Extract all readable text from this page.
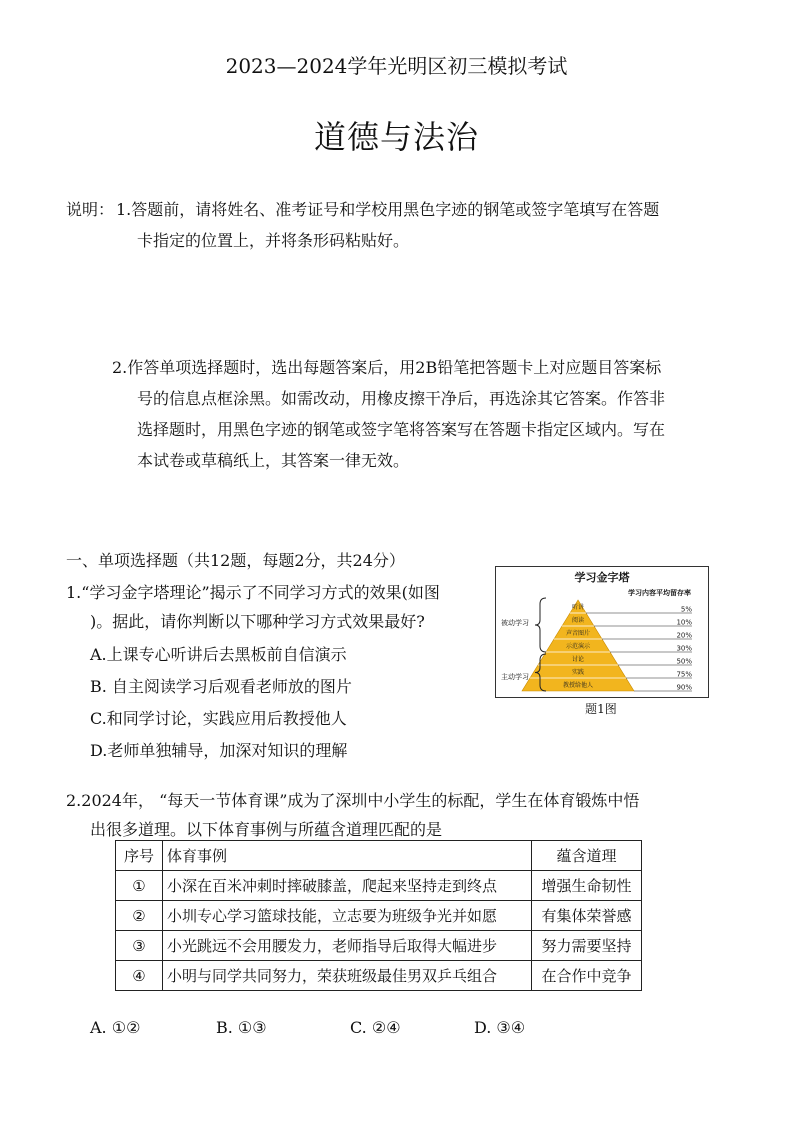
2023—2024学年光明区初三模拟考试
道德与法治
说明： 1.答题前，请将姓名、准考证号和学校用黑色字迹的钢笔或签字笔填写在答题
卡指定的位置上，并将条形码粘贴好。
2.作答单项选择题时，选出每题答案后，用2B铅笔把答题卡上对应题目答案标
号的信息点框涂黑。如需改动，用橡皮擦干净后，再选涂其它答案。作答非
选择题时，用黑色字迹的钢笔或签字笔将答案写在答题卡指定区域内。写在
本试卷或草稿纸上，其答案一律无效。
一、单项选择题（共12题，每题2分，共24分）
1.“学习金字塔理论”揭示了不同学习方式的效果(如图
)。据此，请你判断以下哪种学习方式效果最好?
A.上课专心听讲后去黑板前自信演示
B. 自主阅读学习后观看老师放的图片
C.和同学讨论，实践应用后教授他人
D.老师单独辅导，加深对知识的理解
学习金字塔
学习内容平均留存率
被动学习
主动学习
听讲	5%
阅读	10%
声音图片	20%
示范演示	30%
讨论	50%
实践	75%
教授给他人	90%
题1图
2.2024年， “每天一节体育课”成为了深圳中小学生的标配，学生在体育锻炼中悟
出很多道理。以下体育事例与所蕴含道理匹配的是
序号	体育事例	蕴含道理
①	小深在百米冲刺时摔破膝盖，爬起来坚持走到终点	增强生命韧性
②	小圳专心学习篮球技能，立志要为班级争光并如愿	有集体荣誉感
③	小光跳远不会用腰发力，老师指导后取得大幅进步	努力需要坚持
④	小明与同学共同努力，荣获班级最佳男双乒乓组合	在合作中竞争
A. ①②	B. ①③	C. ②④	D. ③④
